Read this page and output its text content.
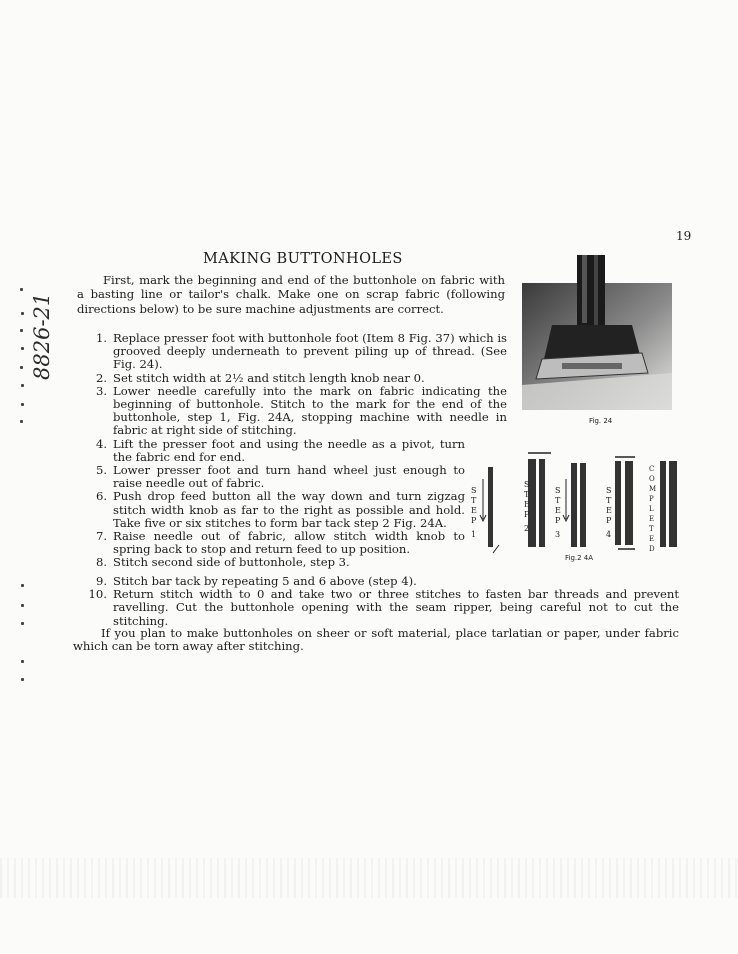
19
MAKING BUTTONHOLES

First, mark the beginning and end of the buttonhole on fabric with a basting line or tailor's chalk. Make one on scrap fabric (following directions below) to be sure machine adjustments are correct.

1. Replace presser foot with buttonhole foot (Item 8 Fig. 37) which is grooved deeply underneath to prevent piling up of thread. (See Fig. 24).
2. Set stitch width at 2½ and stitch length knob near 0.
3. Lower needle carefully into the mark on fabric indicating the beginning of buttonhole. Stitch to the mark for the end of the buttonhole, step 1, Fig. 24A, stopping machine with needle in fabric at right side of stitching.
4. Lift the presser foot and using the needle as a pivot, turn the fabric end for end.
5. Lower presser foot and turn hand wheel just enough to raise needle out of fabric.
6. Push drop feed button all the way down and turn zigzag stitch width knob as far to the right as possible and hold. Take five or six stitches to form bar tack step 2 Fig. 24A.
7. Raise needle out of fabric, allow stitch width knob to spring back to stop and return feed to up position.
8. Stitch second side of buttonhole, step 3.
9. Stitch bar tack by repeating 5 and 6 above (step 4).
10. Return stitch width to 0 and take two or three stitches to fasten bar threads and prevent ravelling. Cut the buttonhole opening with the seam ripper, being careful not to cut the stitching.

If you plan to make buttonholes on sheer or soft material, place tarlatian or paper, under fabric which can be torn away after stitching.

Fig. 24
S
T
E
P
1
S
T
E
P
2
S
T
E
P
3
S
T
E
P
4
C
O
M
P
L
E
T
E
D
Fig.2 4A
8826-21
